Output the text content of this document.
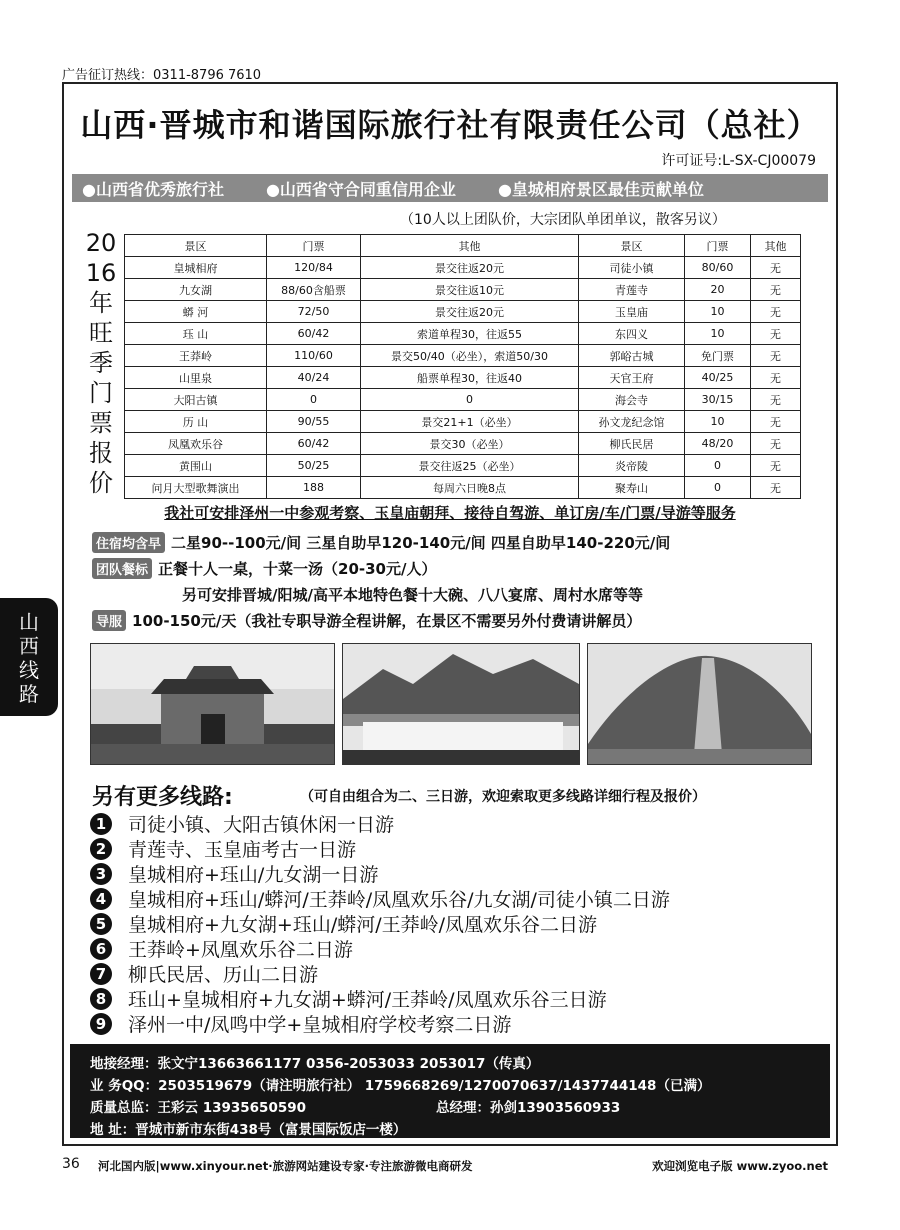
广告征订热线：0311-8796 7610
山西·晋城市和谐国际旅行社有限责任公司（总社）
许可证号:L-SX-CJ00079
●山西省优秀旅行社	●山西省守合同重信用企业	●皇城相府景区最佳贡献单位
（10人以上团队价，大宗团队单团单议，散客另议）
2016年旺季门票报价
景区	门票	其他	景区	门票	其他
皇城相府	120/84	景交往返20元	司徒小镇	80/60	无
九女湖	88/60含船票	景交往返10元	青莲寺	20	无
蟒 河	72/50	景交往返20元	玉皇庙	10	无
珏 山	60/42	索道单程30，往返55	东四义	10	无
王莽岭	110/60	景交50/40（必坐），索道50/30	郭峪古城	免门票	无
山里泉	40/24	船票单程30，往返40	天官王府	40/25	无
大阳古镇	0	0	海会寺	30/15	无
历 山	90/55	景交21+1（必坐）	孙文龙纪念馆	10	无
凤凰欢乐谷	60/42	景交30（必坐）	柳氏民居	48/20	无
黄围山	50/25	景交往返25（必坐）	炎帝陵	0	无
问月大型歌舞演出	188	每周六日晚8点	聚寿山	0	无
我社可安排泽州一中参观考察、玉皇庙朝拜、接待自驾游、单订房/车/门票/导游等服务
住宿均含早 二星90--100元/间 三星自助早120-140元/间 四星自助早140-220元/间
团队餐标 正餐十人一桌，十菜一汤（20-30元/人）
另可安排晋城/阳城/高平本地特色餐十大碗、八八宴席、周村水席等等
导服 100-150元/天（我社专职导游全程讲解，在景区不需要另外付费请讲解员）
山西线路
另有更多线路:	（可自由组合为二、三日游，欢迎索取更多线路详细行程及报价）
1	司徒小镇、大阳古镇休闲一日游
2	青莲寺、玉皇庙考古一日游
3	皇城相府+珏山/九女湖一日游
4	皇城相府+珏山/蟒河/王莽岭/凤凰欢乐谷/九女湖/司徒小镇二日游
5	皇城相府+九女湖+珏山/蟒河/王莽岭/凤凰欢乐谷二日游
6	王莽岭+凤凰欢乐谷二日游
7	柳氏民居、历山二日游
8	珏山+皇城相府+九女湖+蟒河/王莽岭/凤凰欢乐谷三日游
9	泽州一中/凤鸣中学+皇城相府学校考察二日游
地接经理：张文宁13663661177 0356-2053033 2053017（传真）
业 务QQ：2503519679（请注明旅行社） 1759668269/1270070637/1437744148（已满）
质量总监：王彩云 13935650590	总经理：孙剑13903560933
地 址：晋城市新市东街438号（富景国际饭店一楼）
36 河北国内版|www.xinyour.net·旅游网站建设专家·专注旅游微电商研发	欢迎浏览电子版 www.zyoo.net
